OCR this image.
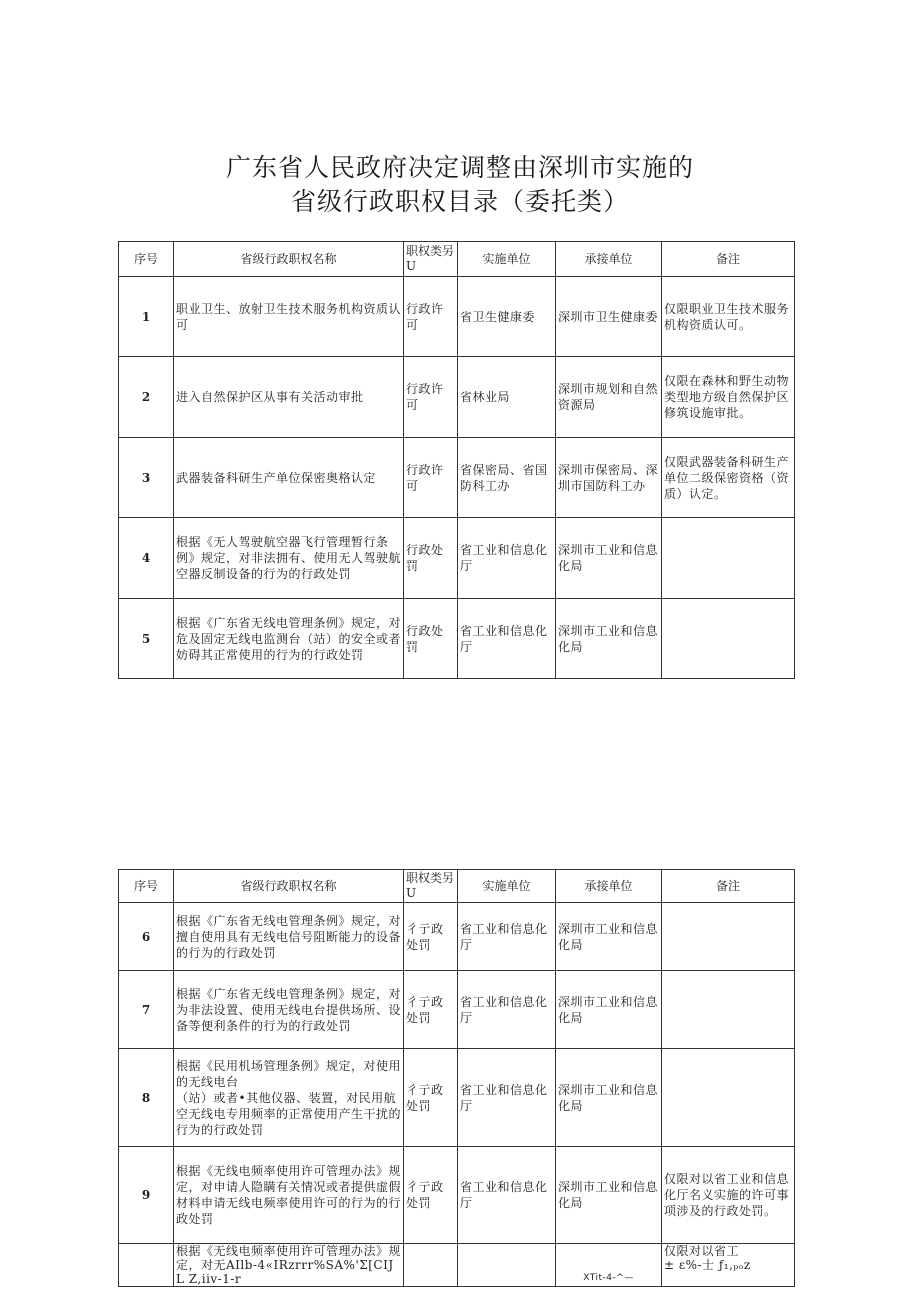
广东省人民政府决定调整由深圳市实施的
省级行政职权目录（委托类）
序号	省级行政职权名称	职权类另U	实施单位	承接单位	备注
1	职业卫生、放射卫生技术服务机构资质认可	行政许可	省卫生健康委	深圳市卫生健康委	仅限职业卫生技术服务机构资质认可。
2	进入自然保护区从事有关活动审批	行政许可	省林业局	深圳市规划和自然资源局	仅限在森林和野生动物类型地方级自然保护区修筑设施审批。
3	武器装备科研生产单位保密奥格认定	行政许可	省保密局、省国防科工办	深圳市保密局、深圳市国防科工办	仅限武器装备科研生产单位二级保密资格（资质）认定。
4	根据《无人驾驶航空器飞行管理暂行条例》规定，对非法拥有、使用无人驾驶航空器反制设备的行为的行政处罚	行政处罚	省工业和信息化厅	深圳市工业和信息化局	
5	根据《广东省无线电管理条例》规定，对危及固定无线电监测台（站）的安全或者妨碍其正常使用的行为的行政处罚	行政处罚	省工业和信息化厅	深圳市工业和信息化局	
序号	省级行政职权名称	职权类另U	实施单位	承接单位	备注
6	根据《广东省无线电管理条例》规定，对擅自使用具有无线电信号阻断能力的设备的行为的行政处罚	彳亍政处罚	省工业和信息化厅	深圳市工业和信息化局	
7	根据《广东省无线电管理条例》规定，对为非法设置、使用无线电台提供场所、设备等便利条件的行为的行政处罚	彳亍政处罚	省工业和信息化厅	深圳市工业和信息化局	
8	根据《民用机场管理条例》规定，对使用的无线电台
（站）或者•其他仪器、装置，对民用航空无线电专用频率的正常使用产生干扰的行为的行政处罚	彳亍政处罚	省工业和信息化厅	深圳市工业和信息化局	
9	根据《无线电频率使用许可管理办法》规定，对申请人隐瞒有关情况或者提供虚假材料申请无线电频率使用许可的行为的行政处罚	彳亍政处罚	省工业和信息化厅	深圳市工业和信息化局	仅限对以省工业和信息化厅名义实施的许可事项涉及的行政处罚。
	根据《无线电频率使用许可管理办法》规定，对无AIlb-4«IRzrrr%SA%'Σ[CIJ L Z,iiv-1-r			XTit-4-^—	仅限对以省工
± ε%-士 ƒ₁,ₚₒz
